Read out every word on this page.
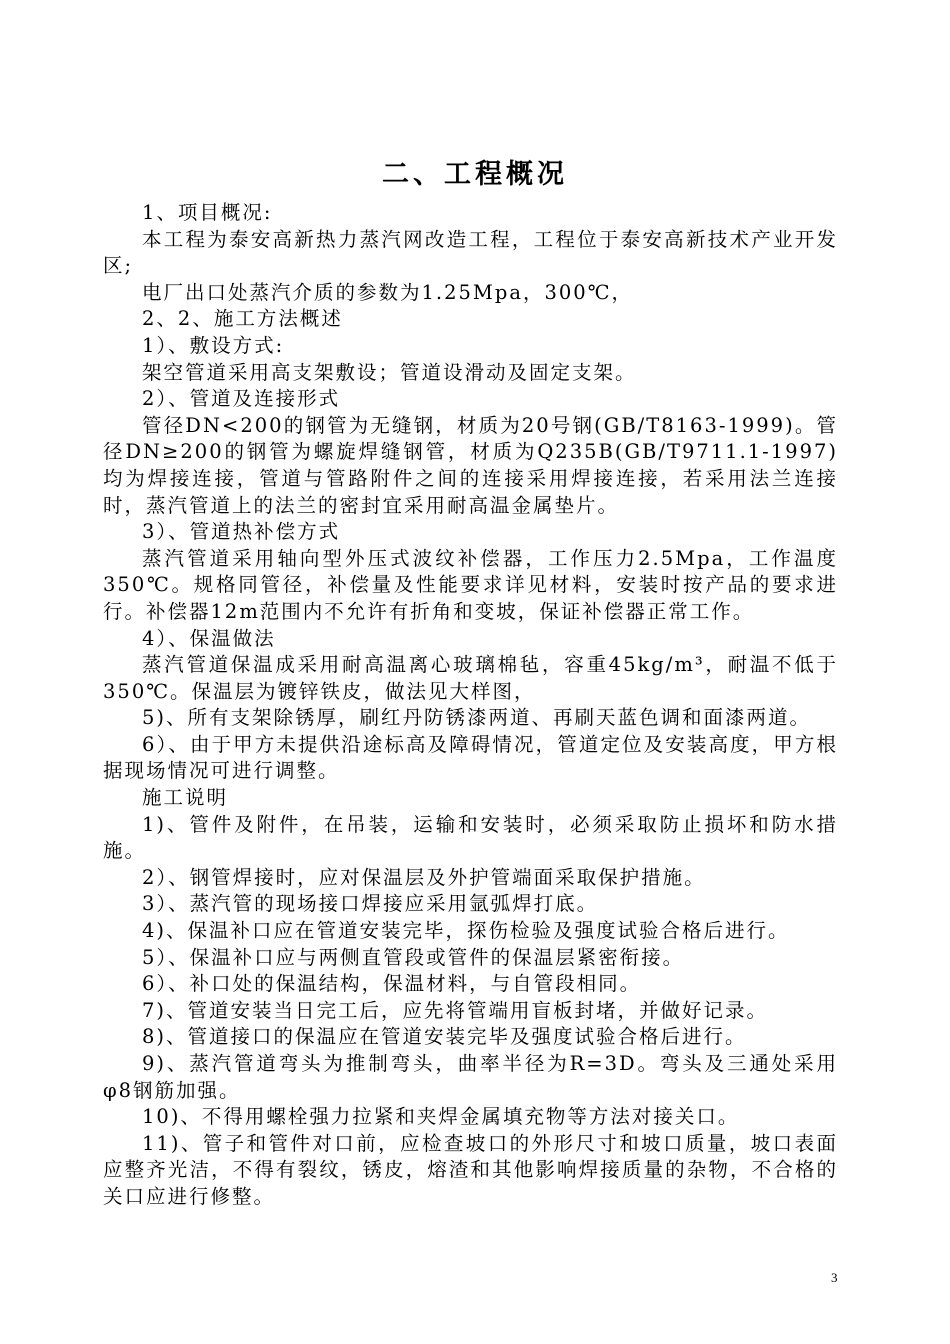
二、工程概况

1、项目概况:

本工程为泰安高新热力蒸汽网改造工程，工程位于泰安高新技术产业开发区;

电厂出口处蒸汽介质的参数为1.25Mpa，300℃，

2、2、施工方法概述

1）、敷设方式:

架空管道采用高支架敷设；管道设滑动及固定支架。

2）、管道及连接形式

管径DN<200的钢管为无缝钢，材质为20号钢(GB/T8163-1999)。管径DN≥200的钢管为螺旋焊缝钢管，材质为Q235B(GB/T9711.1-1997)均为焊接连接，管道与管路附件之间的连接采用焊接连接，若采用法兰连接时，蒸汽管道上的法兰的密封宜采用耐高温金属垫片。

3）、管道热补偿方式

蒸汽管道采用轴向型外压式波纹补偿器，工作压力2.5Mpa，工作温度350℃。规格同管径，补偿量及性能要求详见材料，安装时按产品的要求进行。补偿器12m范围内不允许有折角和变坡，保证补偿器正常工作。

4）、保温做法

蒸汽管道保温成采用耐高温离心玻璃棉毡，容重45kg/m³，耐温不低于350℃。保温层为镀锌铁皮，做法见大样图，

5)、所有支架除锈厚，刷红丹防锈漆两道、再刷天蓝色调和面漆两道。

6）、由于甲方未提供沿途标高及障碍情况，管道定位及安装高度，甲方根据现场情况可进行调整。

施工说明

1)、管件及附件，在吊装，运输和安装时，必须采取防止损坏和防水措施。

2）、钢管焊接时，应对保温层及外护管端面采取保护措施。

3）、蒸汽管的现场接口焊接应采用氩弧焊打底。

4)、保温补口应在管道安装完毕，探伤检验及强度试验合格后进行。

5）、保温补口应与两侧直管段或管件的保温层紧密衔接。

6）、补口处的保温结构，保温材料，与自管段相同。

7)、管道安装当日完工后，应先将管端用盲板封堵，并做好记录。

8)、管道接口的保温应在管道安装完毕及强度试验合格后进行。

9)、蒸汽管道弯头为推制弯头，曲率半径为R=3D。弯头及三通处采用φ8钢筋加强。

10)、不得用螺栓强力拉紧和夹焊金属填充物等方法对接关口。

11)、管子和管件对口前，应检查坡口的外形尺寸和坡口质量，坡口表面应整齐光洁，不得有裂纹，锈皮，熔渣和其他影响焊接质量的杂物，不合格的关口应进行修整。

3
